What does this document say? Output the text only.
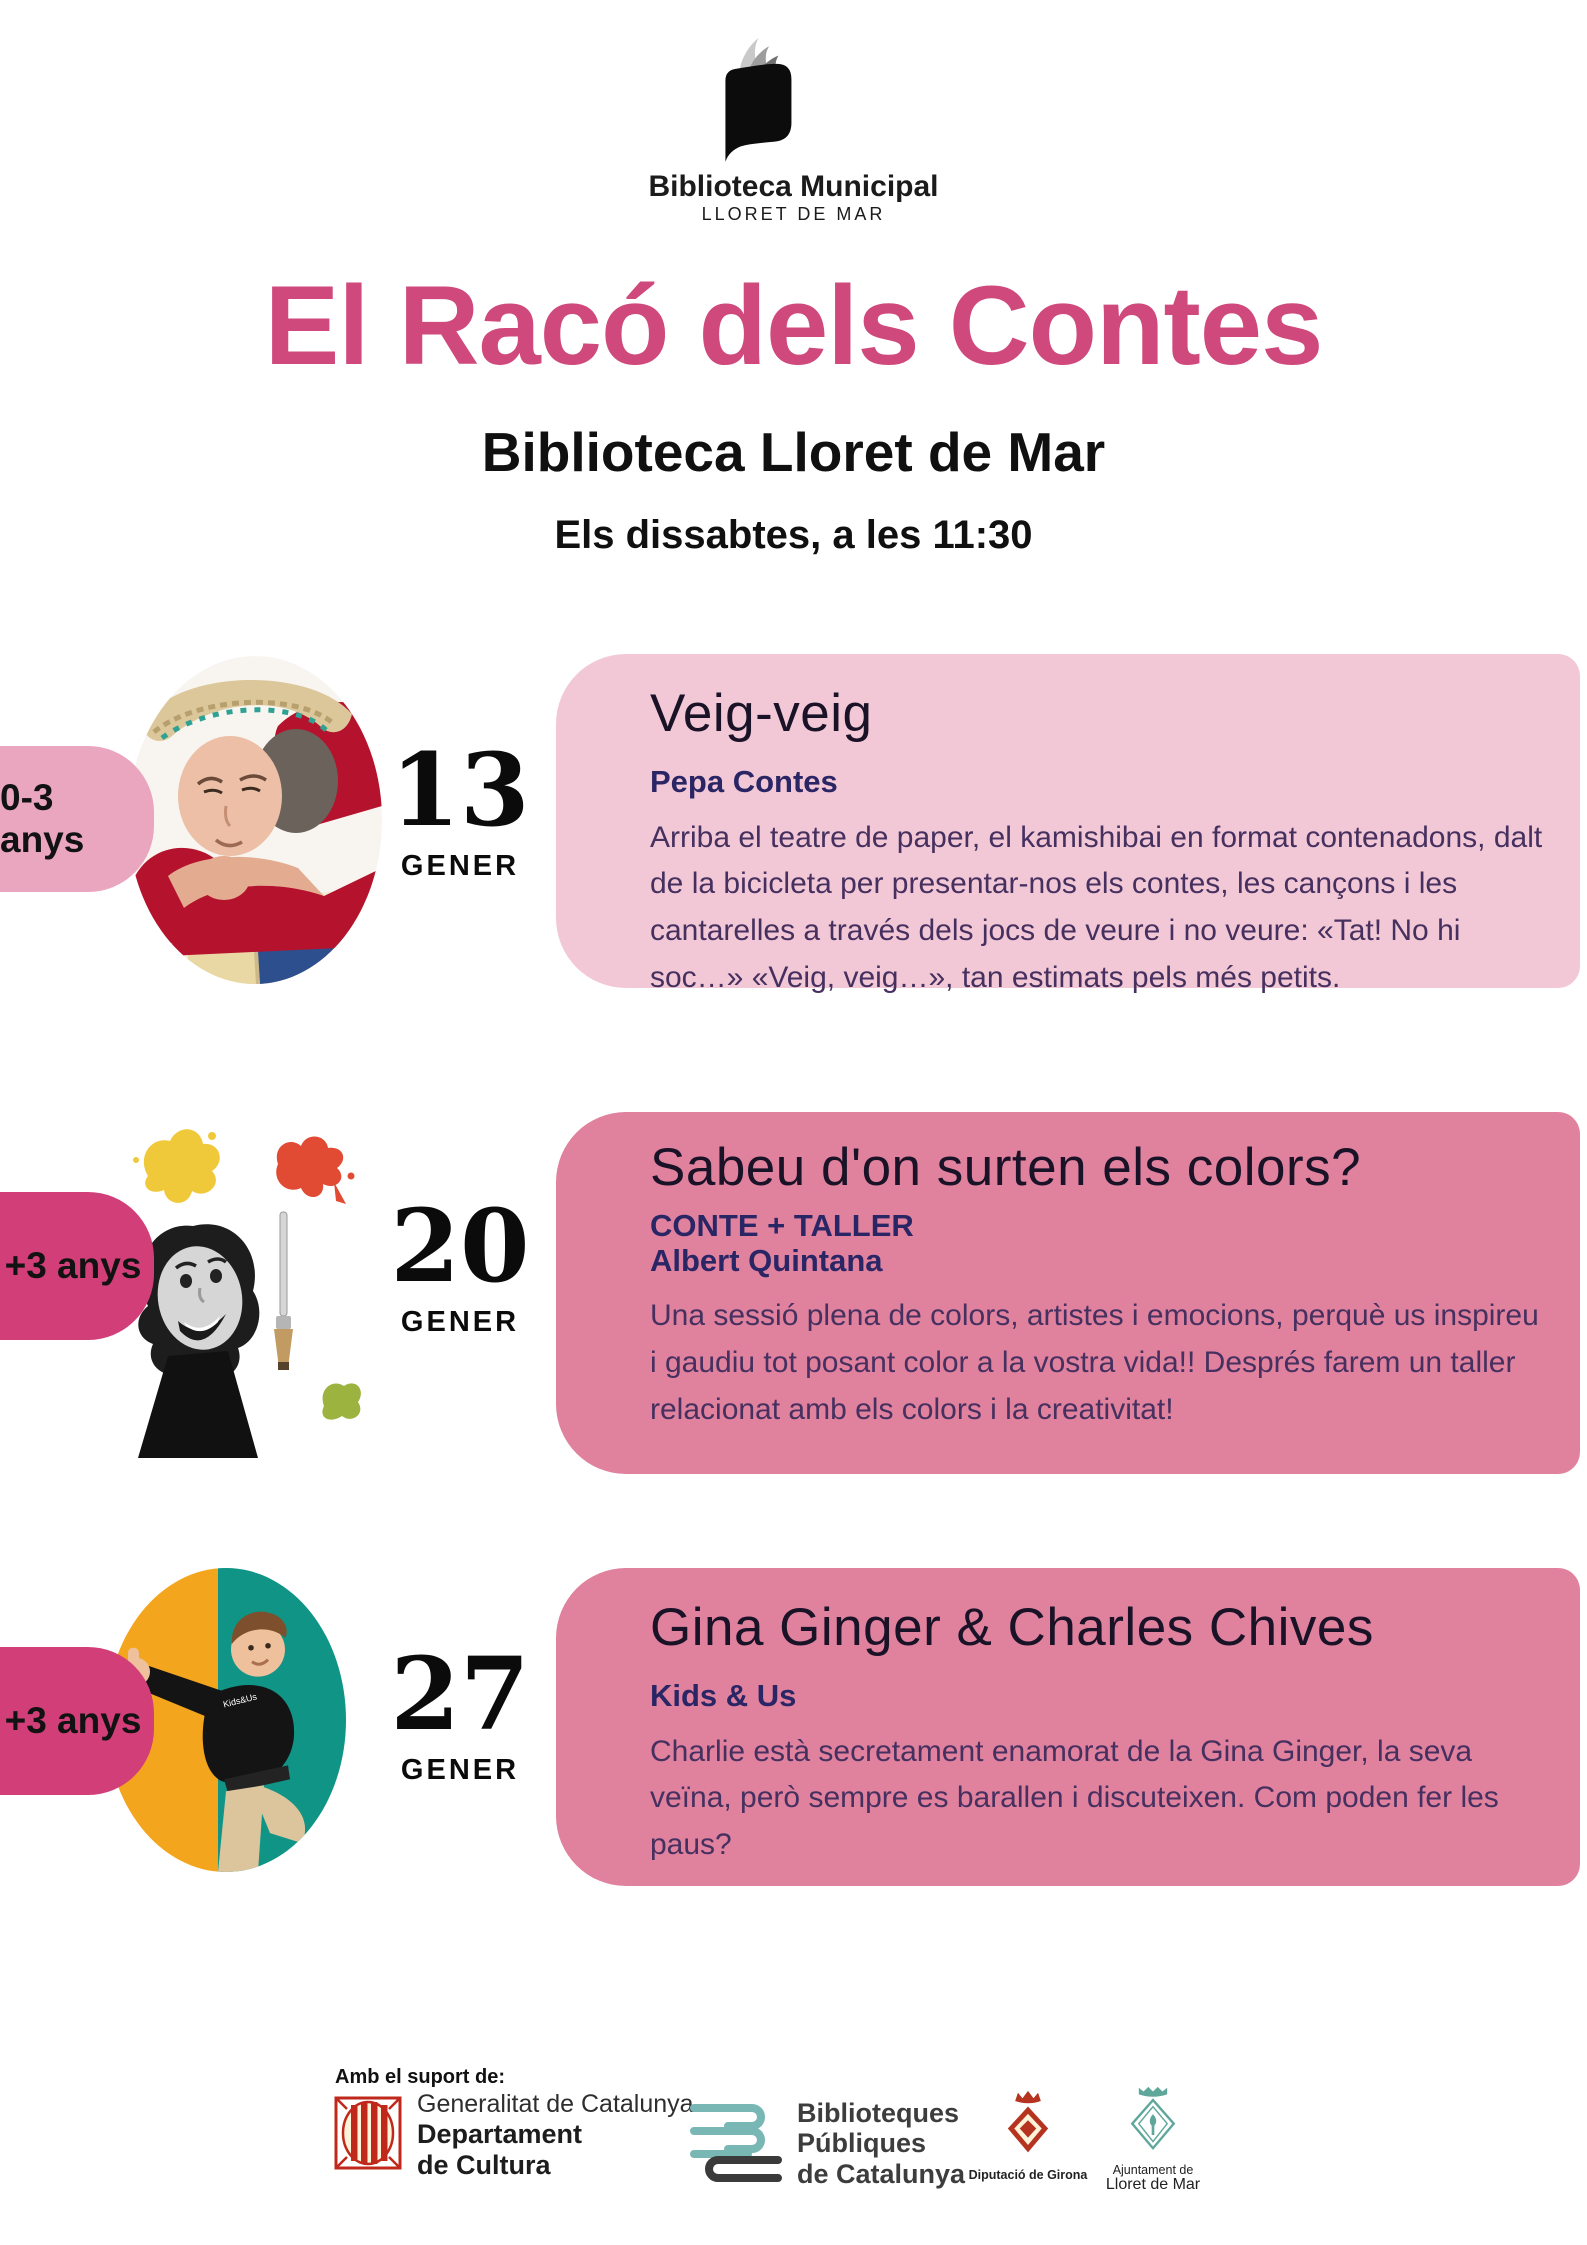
Biblioteca Municipal
LLORET DE MAR
El Racó dels Contes
Biblioteca Lloret de Mar
Els dissabtes, a les 11:30
0-3 anys	13
GENER
Veig-veig
Pepa Contes
Arriba el teatre de paper, el kamishibai en format contenadons, dalt de la bicicleta per presentar-nos els contes, les cançons i les cantarelles a través dels jocs de veure i no veure: «Tat! No hi soc…» «Veig, veig…», tan estimats pels més petits.
+3 anys 20
GENER
Sabeu d'on surten els colors?
CONTE + TALLER
Albert Quintana
Una sessió plena de colors, artistes i emocions, perquè us inspireu i gaudiu tot posant color a la vostra vida!! Després farem un taller relacionat amb els colors i la creativitat!
Kids&Us
+3 anys 27
GENER
Gina Ginger & Charles Chives
Kids & Us
Charlie està secretament enamorat de la Gina Ginger, la seva veïna, però sempre es barallen i discuteixen. Com poden fer les paus?
Amb el suport de:
Generalitat de Catalunya
Departament
de Cultura
Biblioteques
Públiques
de Catalunya Diputació de Girona Ajuntament de
Lloret de Mar
